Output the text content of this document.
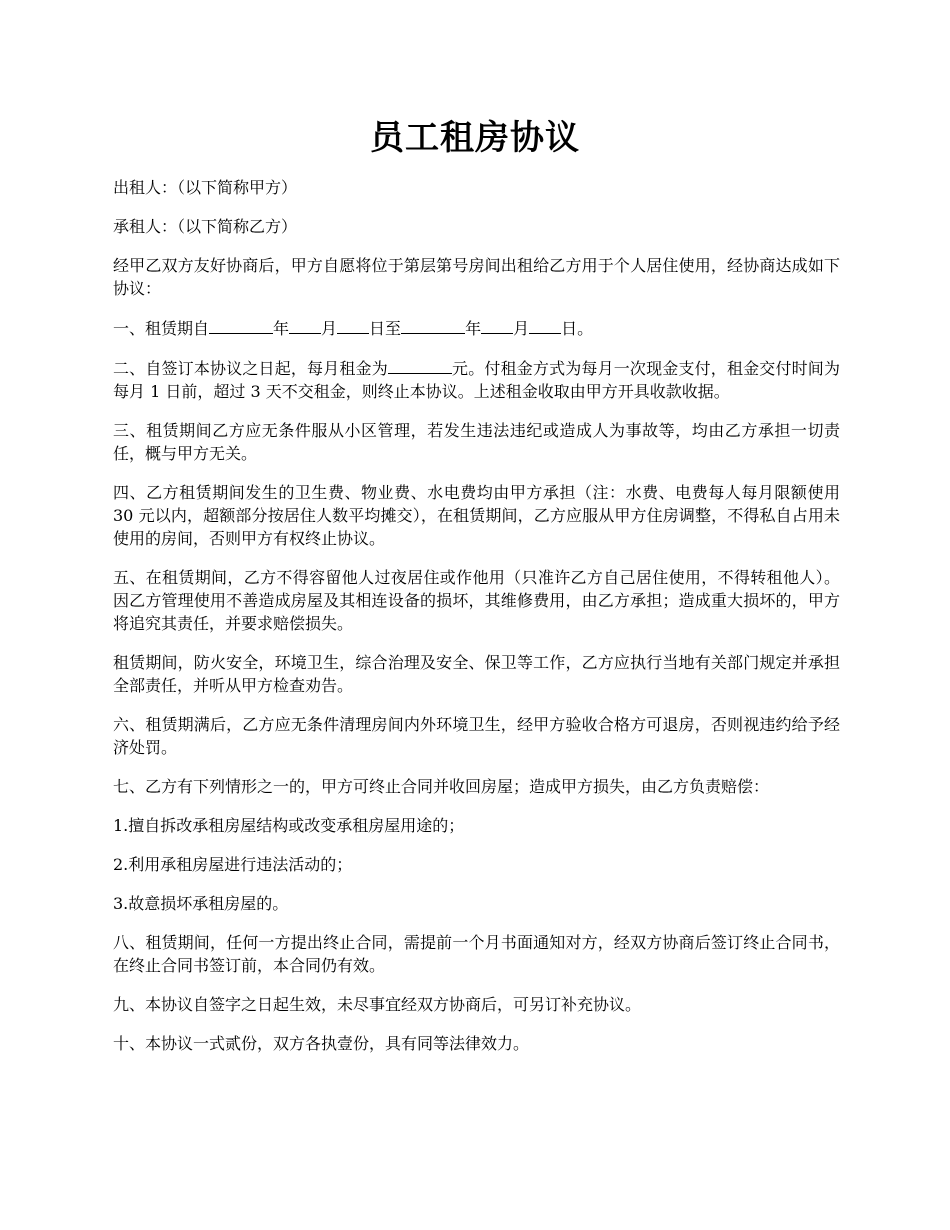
员工租房协议

出租人：（以下简称甲方）

承租人：（以下简称乙方）

经甲乙双方友好协商后，甲方自愿将位于第层第号房间出租给乙方用于个人居住使用，经协商达成如下协议：

一、租赁期自	年 月 日至	年 月 日。

二、自签订本协议之日起，每月租金为	元。付租金方式为每月一次现金支付，租金交付时间为每月 1 日前，超过 3 天不交租金，则终止本协议。上述租金收取由甲方开具收款收据。

三、租赁期间乙方应无条件服从小区管理，若发生违法违纪或造成人为事故等，均由乙方承担一切责任，概与甲方无关。

四、乙方租赁期间发生的卫生费、物业费、水电费均由甲方承担（注：水费、电费每人每月限额使用 30 元以内，超额部分按居住人数平均摊交），在租赁期间，乙方应服从甲方住房调整，不得私自占用未使用的房间，否则甲方有权终止协议。

五、在租赁期间，乙方不得容留他人过夜居住或作他用（只准许乙方自己居住使用，不得转租他人）。因乙方管理使用不善造成房屋及其相连设备的损坏，其维修费用，由乙方承担；造成重大损坏的，甲方将追究其责任，并要求赔偿损失。

租赁期间，防火安全，环境卫生，综合治理及安全、保卫等工作，乙方应执行当地有关部门规定并承担全部责任，并听从甲方检查劝告。

六、租赁期满后，乙方应无条件清理房间内外环境卫生，经甲方验收合格方可退房，否则视违约给予经济处罚。

七、乙方有下列情形之一的，甲方可终止合同并收回房屋；造成甲方损失，由乙方负责赔偿：

1.擅自拆改承租房屋结构或改变承租房屋用途的；

2.利用承租房屋进行违法活动的；

3.故意损坏承租房屋的。

八、租赁期间，任何一方提出终止合同，需提前一个月书面通知对方，经双方协商后签订终止合同书，在终止合同书签订前，本合同仍有效。

九、本协议自签字之日起生效，未尽事宜经双方协商后，可另订补充协议。

十、本协议一式贰份，双方各执壹份，具有同等法律效力。
